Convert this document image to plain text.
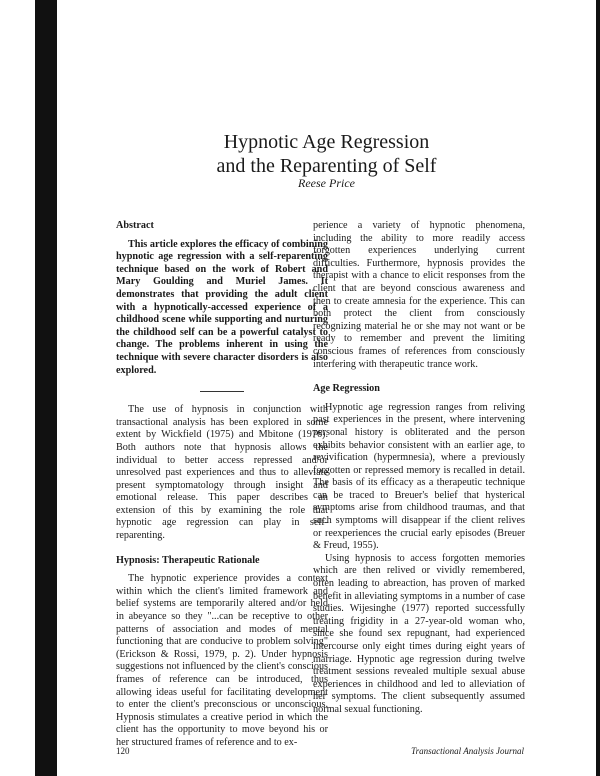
Hypnotic Age Regression
and the Reparenting of Self
Reese Price
Abstract

This article explores the efficacy of combining hypnotic age regression with a self-reparenting technique based on the work of Robert and Mary Goulding and Muriel James. It demonstrates that providing the adult client with a hypnotically-accessed experience of a childhood scene while supporting and nurturing the childhood self can be a powerful catalyst to change. The problems inherent in using the technique with severe character disorders is also explored.

The use of hypnosis in conjunction with transactional analysis has been explored in some extent by Wickfield (1975) and Mbitone (1976). Both authors note that hypnosis allows the individual to better access repressed and/or unresolved past experiences and thus to alleviate present symptomatology through insight and emotional release. This paper describes an extension of this by examining the role that hypnotic age regression can play in self-reparenting.

Hypnosis: Therapeutic Rationale

The hypnotic experience provides a context within which the client's limited framework and belief systems are temporarily altered and/or held in abeyance so they "...can be receptive to other patterns of association and modes of mental functioning that are conducive to problem solving" (Erickson & Rossi, 1979, p. 2). Under hypnosis suggestions not influenced by the client's conscious frames of reference can be introduced, thus allowing ideas useful for facilitating development to enter the client's preconscious or unconscious. Hypnosis stimulates a creative period in which the client has the opportunity to move beyond his or her structured frames of reference and to ex-

perience a variety of hypnotic phenomena, including the ability to more readily access forgotten experiences underlying current difficulties. Furthermore, hypnosis provides the therapist with a chance to elicit responses from the client that are beyond conscious awareness and then to create amnesia for the experience. This can both protect the client from consciously recognizing material he or she may not want or be ready to remember and prevent the limiting conscious frames of references from consciously interfering with therapeutic trance work.

Age Regression

Hypnotic age regression ranges from reliving past experiences in the present, where intervening personal history is obliterated and the person exhibits behavior consistent with an earlier age, to revivification (hypermnesia), where a previously forgotten or repressed memory is recalled in detail. The basis of its efficacy as a therapeutic technique can be traced to Breuer's belief that hysterical symptoms arise from childhood traumas, and that such symptoms will disappear if the client relives or reexperiences the crucial early episodes (Breuer & Freud, 1955).

Using hypnosis to access forgotten memories which are then relived or vividly remembered, often leading to abreaction, has proven of marked benefit in alleviating symptoms in a number of case studies. Wijesinghe (1977) reported successfully treating frigidity in a 27-year-old woman who, since she found sex repugnant, had experienced intercourse only eight times during eight years of marriage. Hypnotic age regression during twelve treatment sessions revealed multiple sexual abuse experiences in childhood and led to alleviation of her symptoms. The client subsequently assumed normal sexual functioning.

120	Transactional Analysis Journal
